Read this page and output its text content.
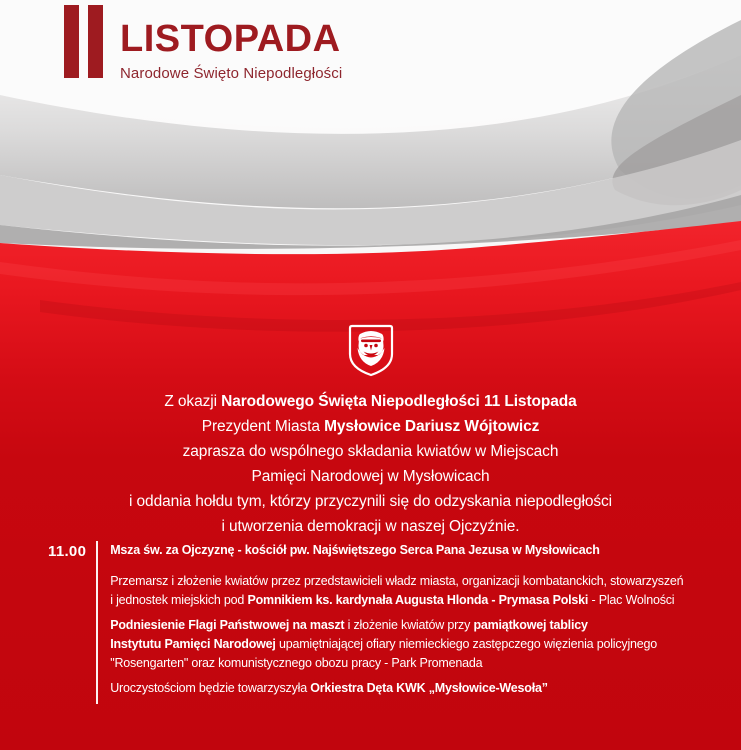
LISTOPADA
Narodowe Święto Niepodległości
Z okazji Narodowego Święta Niepodległości 11 Listopada
Prezydent Miasta Mysłowice Dariusz Wójtowicz
zaprasza do wspólnego składania kwiatów w Miejscach
Pamięci Narodowej w Mysłowicach
i oddania hołdu tym, którzy przyczynili się do odzyskania niepodległości
i utworzenia demokracji w naszej Ojczyźnie.
11.00 Msza św. za Ojczyznę - kościół pw. Najświętszego Serca Pana Jezusa w Mysłowicach
Przemarsz i złożenie kwiatów przez przedstawicieli władz miasta, organizacji kombatanckich, stowarzyszeń
i jednostek miejskich pod Pomnikiem ks. kardynała Augusta Hlonda - Prymasa Polski - Plac Wolności
Podniesienie Flagi Państwowej na maszt i złożenie kwiatów przy pamiątkowej tablicy
Instytutu Pamięci Narodowej upamiętniającej ofiary niemieckiego zastępczego więzienia policyjnego
"Rosengarten" oraz komunistycznego obozu pracy - Park Promenada
Uroczystościom będzie towarzyszyła Orkiestra Dęta KWK „Mysłowice-Wesoła”
